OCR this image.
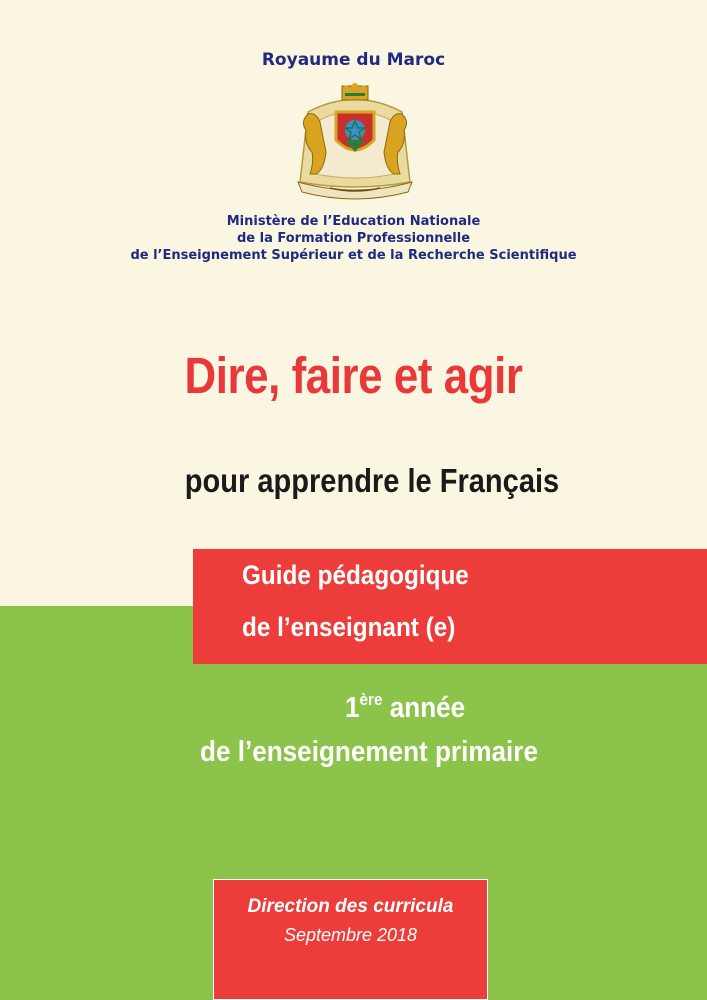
Royaume du Maroc
Ministère de l’Education Nationale
de la Formation Professionnelle
de l’Enseignement Supérieur et de la Recherche Scientifique
Dire, faire et agir
pour apprendre le Français
Guide pédagogique
de l’enseignant (e)
1ère année
de l’enseignement primaire
Direction des curricula
Septembre 2018
